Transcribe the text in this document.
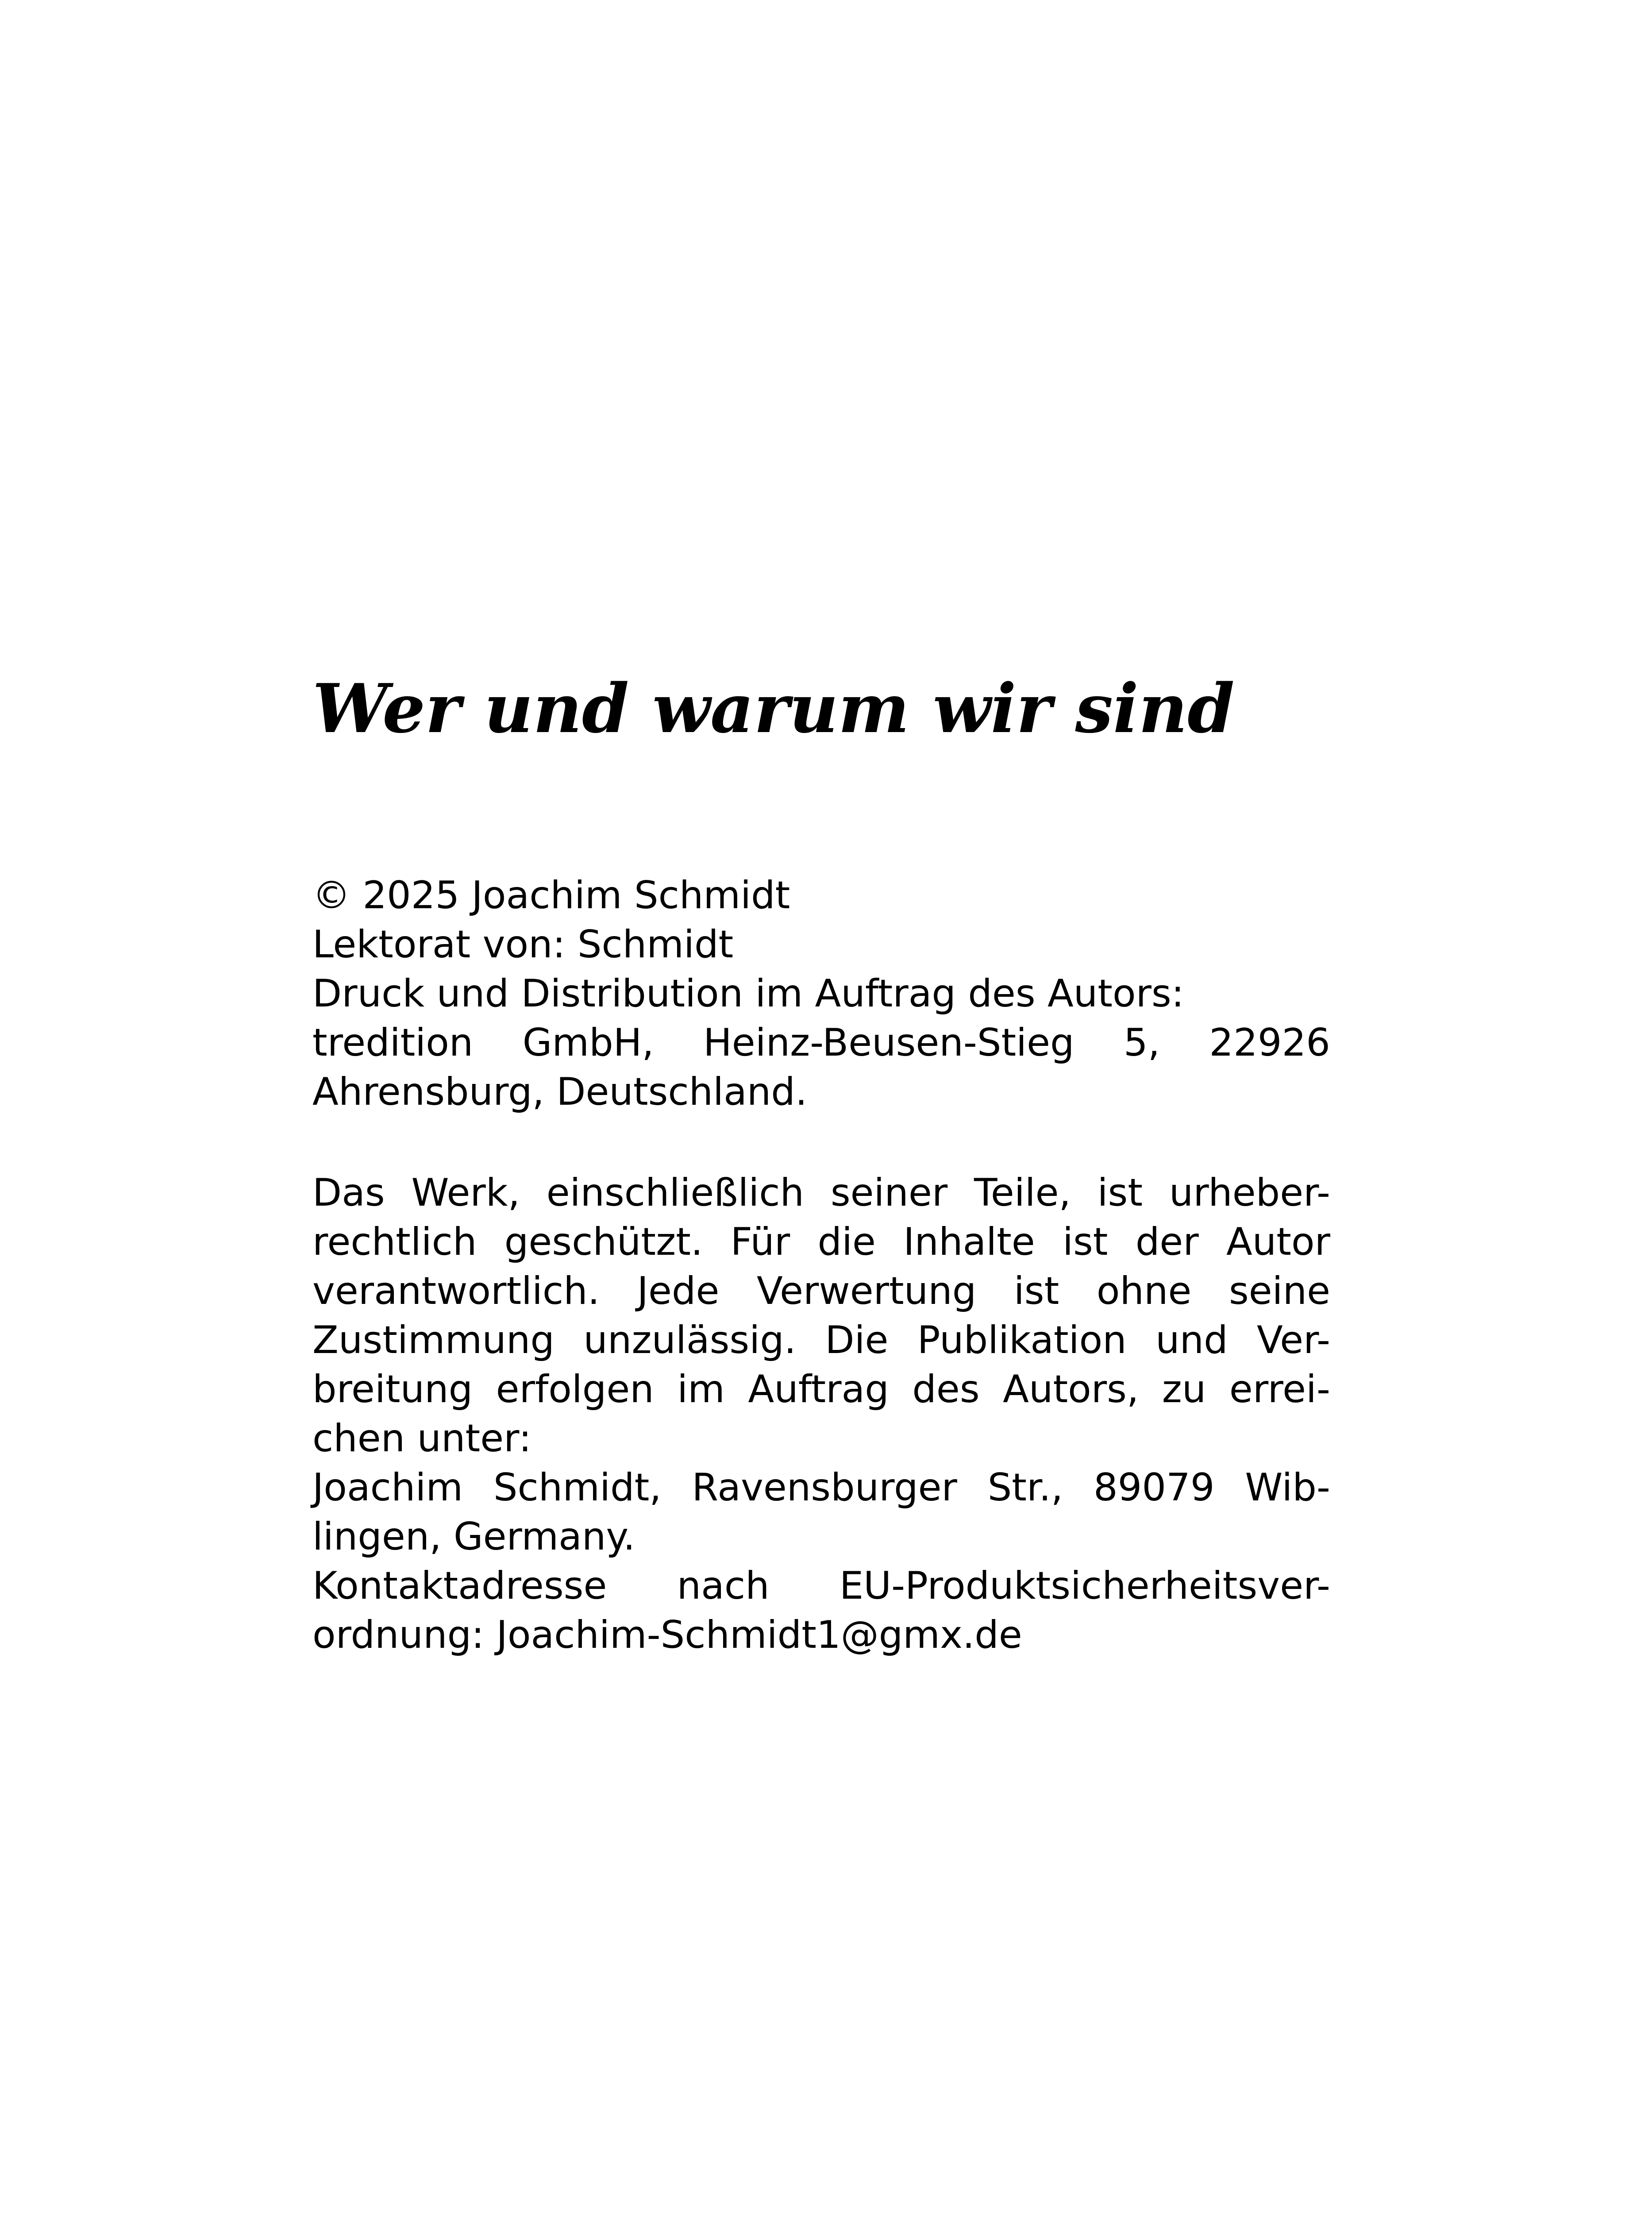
Wer und warum wir sind
© 2025 Joachim Schmidt
Lektorat von: Schmidt
Druck und Distribution im Auftrag des Autors:
tredition GmbH, Heinz-Beusen-Stieg 5, 22926
Ahrensburg, Deutschland.
Das Werk, einschließlich seiner Teile, ist urheber-
rechtlich geschützt. Für die Inhalte ist der Autor
verantwortlich. Jede Verwertung ist ohne seine
Zustimmung unzulässig. Die Publikation und Ver-
breitung erfolgen im Auftrag des Autors, zu errei-
chen unter:
Joachim Schmidt, Ravensburger Str., 89079 Wib-
lingen, Germany.
Kontaktadresse nach EU-Produktsicherheitsver-
ordnung: Joachim-Schmidt1@gmx.de
